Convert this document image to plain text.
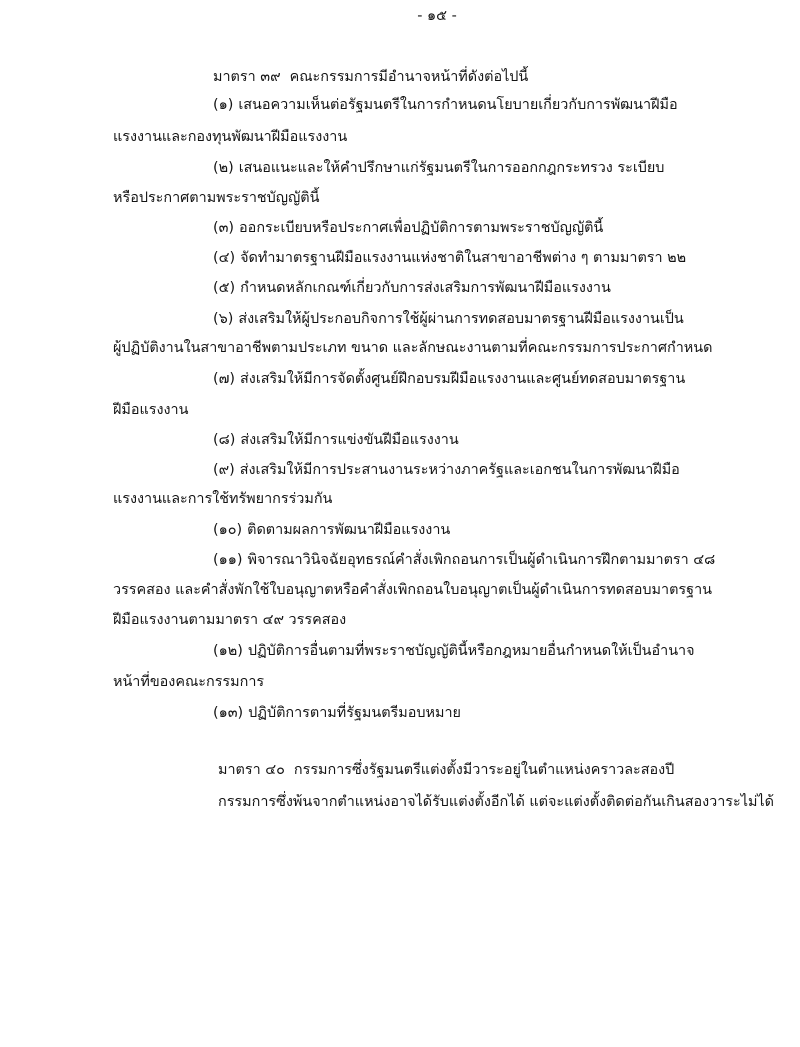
- ๑๕ -
มาตรา ๓๙ คณะกรรมการมีอำนาจหน้าที่ดังต่อไปนี้
(๑) เสนอความเห็นต่อรัฐมนตรีในการกำหนดนโยบายเกี่ยวกับการพัฒนาฝีมือ
แรงงานและกองทุนพัฒนาฝีมือแรงงาน
(๒) เสนอแนะและให้คำปรึกษาแก่รัฐมนตรีในการออกกฎกระทรวง ระเบียบ
หรือประกาศตามพระราชบัญญัตินี้
(๓) ออกระเบียบหรือประกาศเพื่อปฏิบัติการตามพระราชบัญญัตินี้
(๔) จัดทำมาตรฐานฝีมือแรงงานแห่งชาติในสาขาอาชีพต่าง ๆ ตามมาตรา ๒๒
(๕) กำหนดหลักเกณฑ์เกี่ยวกับการส่งเสริมการพัฒนาฝีมือแรงงาน
(๖) ส่งเสริมให้ผู้ประกอบกิจการใช้ผู้ผ่านการทดสอบมาตรฐานฝีมือแรงงานเป็น
ผู้ปฏิบัติงานในสาขาอาชีพตามประเภท ขนาด และลักษณะงานตามที่คณะกรรมการประกาศกำหนด
(๗) ส่งเสริมให้มีการจัดตั้งศูนย์ฝึกอบรมฝีมือแรงงานและศูนย์ทดสอบมาตรฐาน
ฝีมือแรงงาน
(๘) ส่งเสริมให้มีการแข่งขันฝีมือแรงงาน
(๙) ส่งเสริมให้มีการประสานงานระหว่างภาครัฐและเอกชนในการพัฒนาฝีมือ
แรงงานและการใช้ทรัพยากรร่วมกัน
(๑๐) ติดตามผลการพัฒนาฝีมือแรงงาน
(๑๑) พิจารณาวินิจฉัยอุทธรณ์คำสั่งเพิกถอนการเป็นผู้ดำเนินการฝึกตามมาตรา ๔๘
วรรคสอง และคำสั่งพักใช้ใบอนุญาตหรือคำสั่งเพิกถอนใบอนุญาตเป็นผู้ดำเนินการทดสอบมาตรฐาน
ฝีมือแรงงานตามมาตรา ๔๙ วรรคสอง
(๑๒) ปฏิบัติการอื่นตามที่พระราชบัญญัตินี้หรือกฎหมายอื่นกำหนดให้เป็นอำนาจ
หน้าที่ของคณะกรรมการ
(๑๓) ปฏิบัติการตามที่รัฐมนตรีมอบหมาย
มาตรา ๔๐ กรรมการซึ่งรัฐมนตรีแต่งตั้งมีวาระอยู่ในตำแหน่งคราวละสองปี
กรรมการซึ่งพ้นจากตำแหน่งอาจได้รับแต่งตั้งอีกได้ แต่จะแต่งตั้งติดต่อกันเกินสองวาระไม่ได้
